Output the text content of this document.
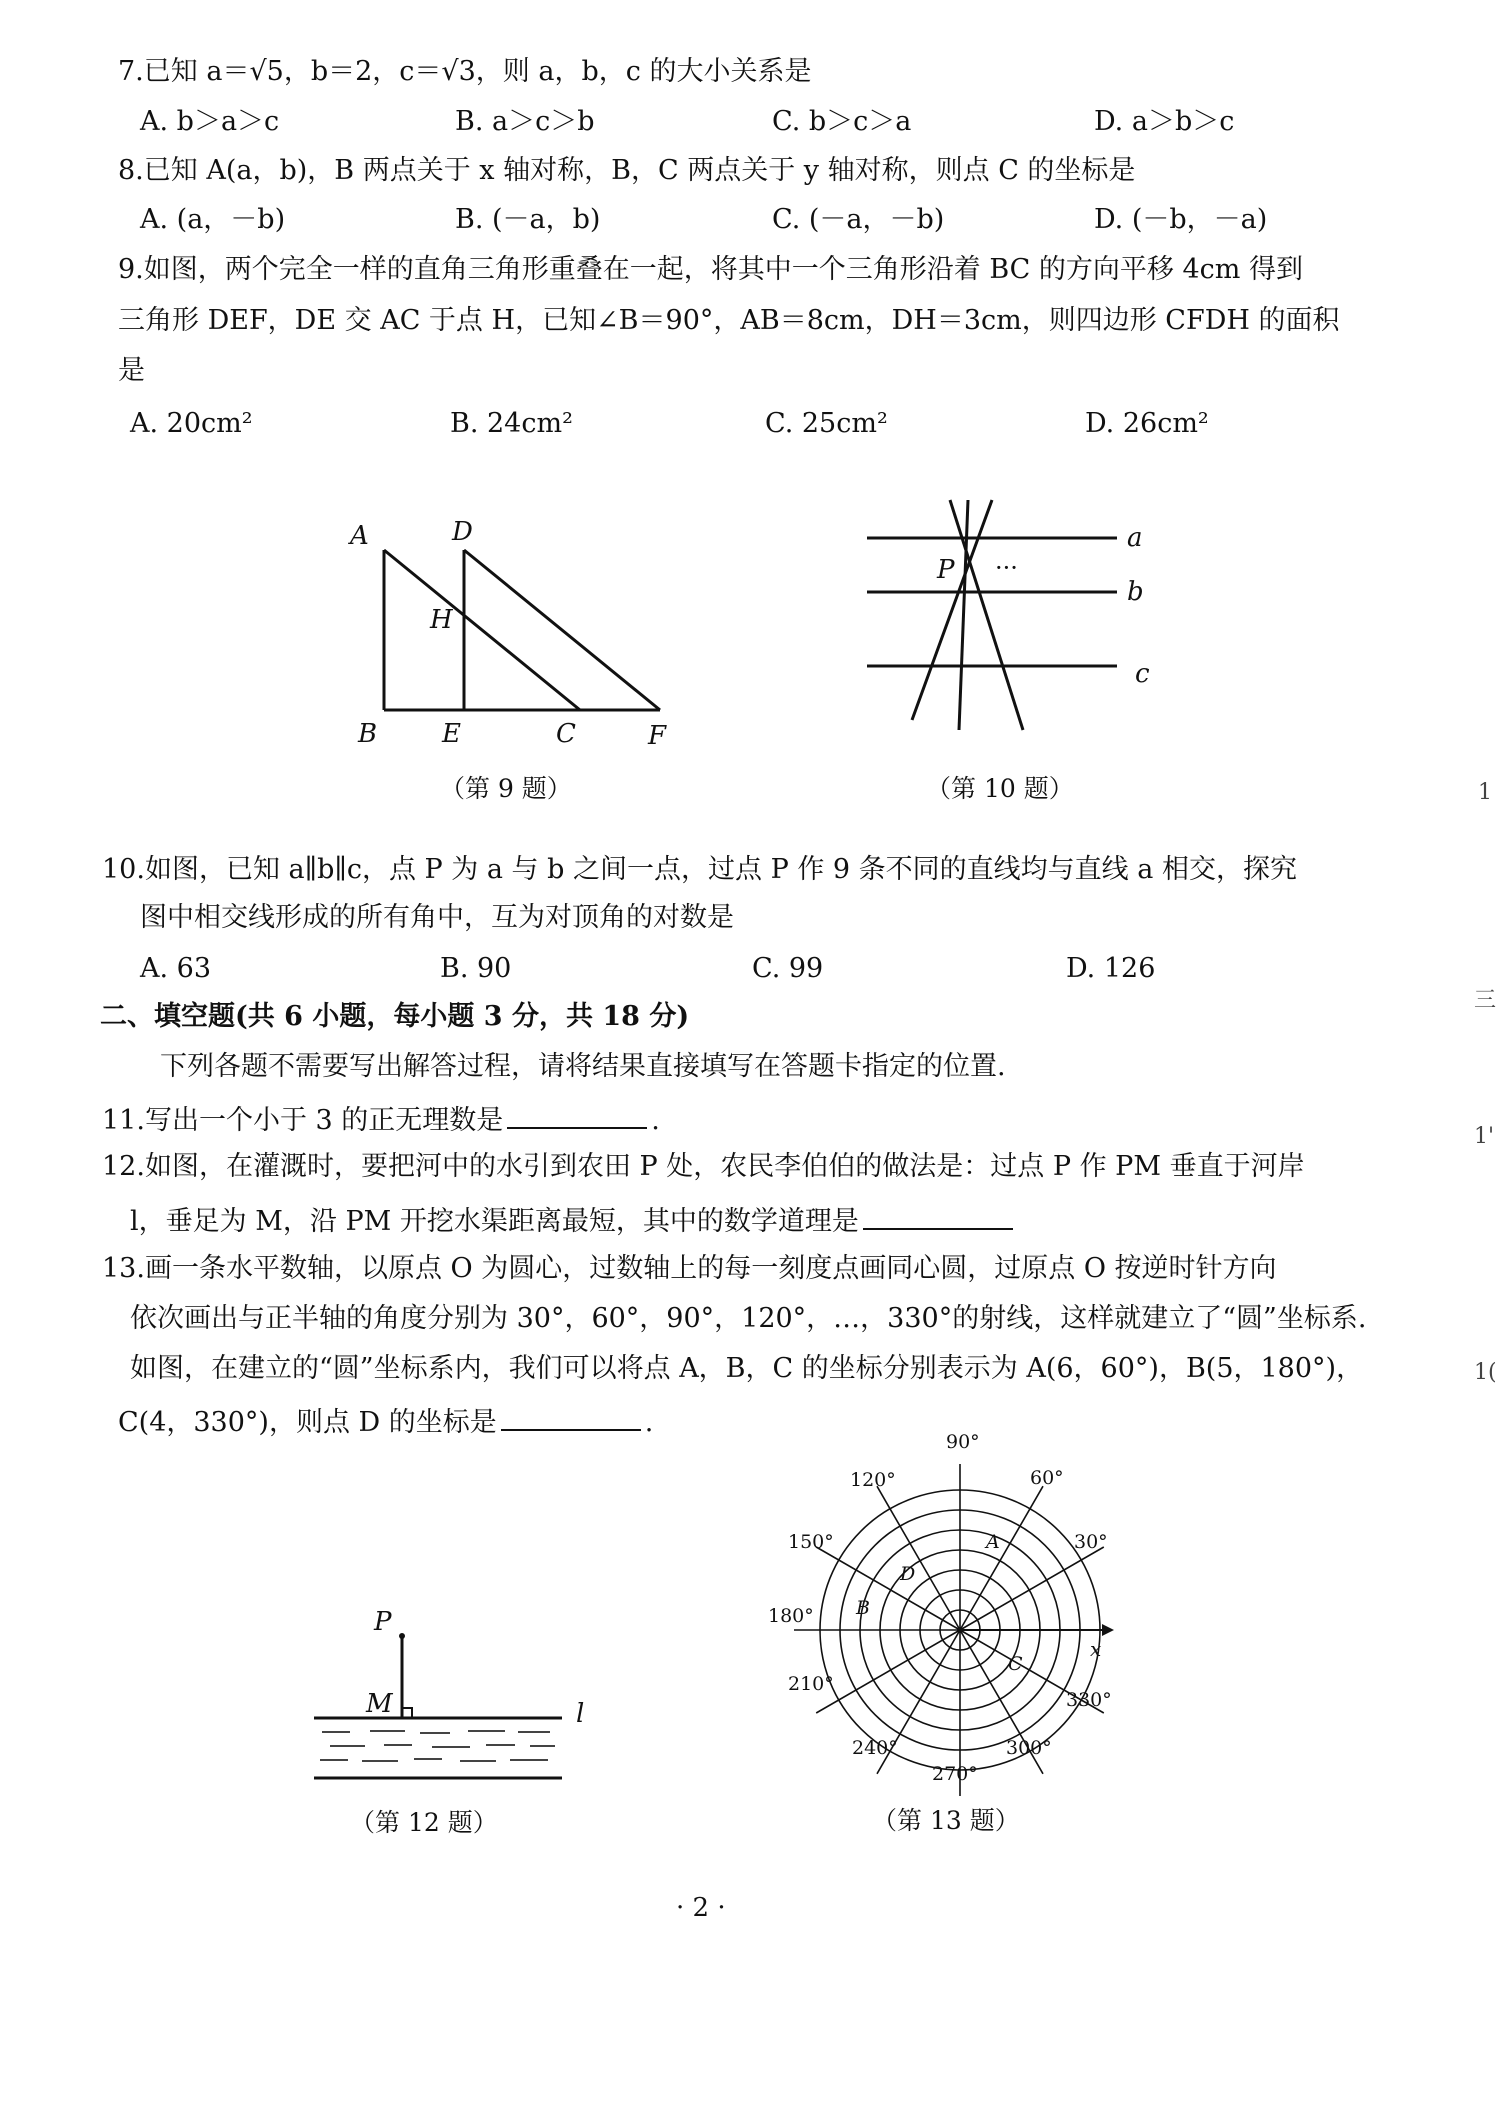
7.已知 a＝√5，b＝2，c＝√3，则 a，b，c 的大小关系是
A. b＞a＞c	B. a＞c＞b	C. b＞c＞a	D. a＞b＞c
8.已知 A(a，b)，B 两点关于 x 轴对称，B，C 两点关于 y 轴对称，则点 C 的坐标是
A. (a，－b)	B. (－a，b)	C. (－a，－b)	D. (－b，－a)
9.如图，两个完全一样的直角三角形重叠在一起，将其中一个三角形沿着 BC 的方向平移 4cm 得到
三角形 DEF，DE 交 AC 于点 H，已知∠B＝90°，AB＝8cm，DH＝3cm，则四边形 CFDH 的面积
是
A. 20cm²	B. 24cm²	C. 25cm²	D. 26cm²
A	D
H
B E	C	F
（第 9 题）
a
b
c
P ···
（第 10 题）
10.如图，已知 a∥b∥c，点 P 为 a 与 b 之间一点，过点 P 作 9 条不同的直线均与直线 a 相交，探究
图中相交线形成的所有角中，互为对顶角的对数是
A. 63	B. 90	C. 99	D. 126
二、填空题(共 6 小题，每小题 3 分，共 18 分)
下列各题不需要写出解答过程，请将结果直接填写在答题卡指定的位置.
11.写出一个小于 3 的正无理数是	.
12.如图，在灌溉时，要把河中的水引到农田 P 处，农民李伯伯的做法是：过点 P 作 PM 垂直于河岸
l，垂足为 M，沿 PM 开挖水渠距离最短，其中的数学道理是
13.画一条水平数轴，以原点 O 为圆心，过数轴上的每一刻度点画同心圆，过原点 O 按逆时针方向
依次画出与正半轴的角度分别为 30°，60°，90°，120°，…，330°的射线，这样就建立了“圆”坐标系.
如图，在建立的“圆”坐标系内，我们可以将点 A，B，C 的坐标分别表示为 A(6，60°)，B(5，180°)，
C(4，330°)，则点 D 的坐标是	.
P
M	l
（第 12 题）
x
90°
60°
30°
330°
300°
270°
240°
210°
180°
150°
120°
A
D
B
C
（第 13 题）
· 2 ·
1
三
1'
1(
